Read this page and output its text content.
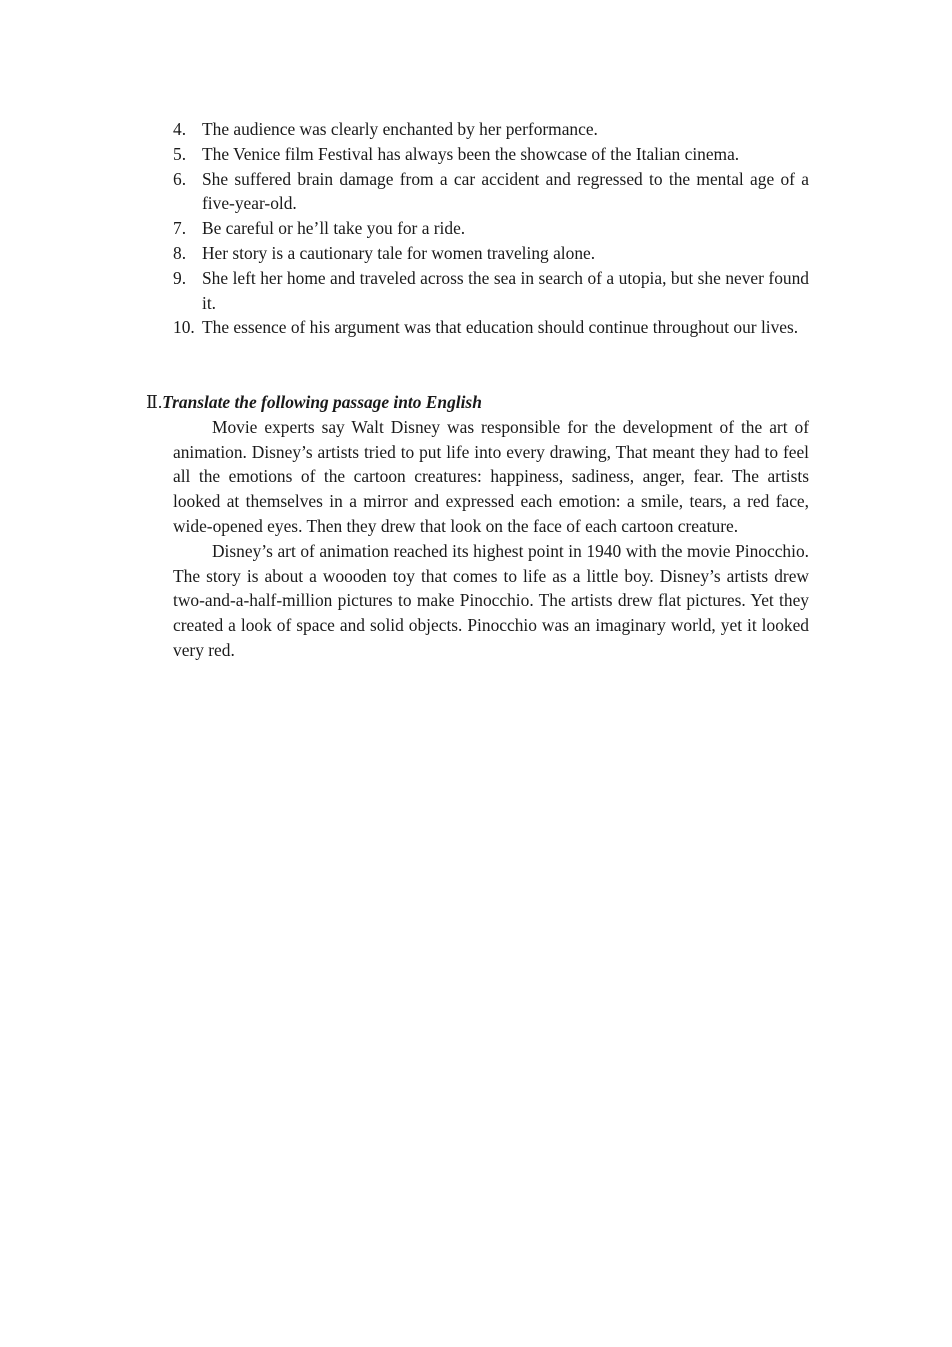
4. The audience was clearly enchanted by her performance.
5. The Venice film Festival has always been the showcase of the Italian cinema.
6. She suffered brain damage from a car accident and regressed to the mental age of a five-year-old.
7. Be careful or he’ll take you for a ride.
8. Her story is a cautionary tale for women traveling alone.
9. She left her home and traveled across the sea in search of a utopia, but she never found it.
10. The essence of his argument was that education should continue throughout our lives.

Ⅱ.Translate the following passage into English

Movie experts say Walt Disney was responsible for the development of the art of animation. Disney’s artists tried to put life into every drawing, That meant they had to feel all the emotions of the cartoon creatures: happiness, sadiness, anger, fear. The artists looked at themselves in a mirror and expressed each emotion: a smile, tears, a red face, wide-opened eyes. Then they drew that look on the face of each cartoon creature.

Disney’s art of animation reached its highest point in 1940 with the movie Pinocchio. The story is about a woooden toy that comes to life as a little boy. Disney’s artists drew two-and-a-half-million pictures to make Pinocchio. The artists drew flat pictures. Yet they created a look of space and solid objects. Pinocchio was an imaginary world, yet it looked very red.
